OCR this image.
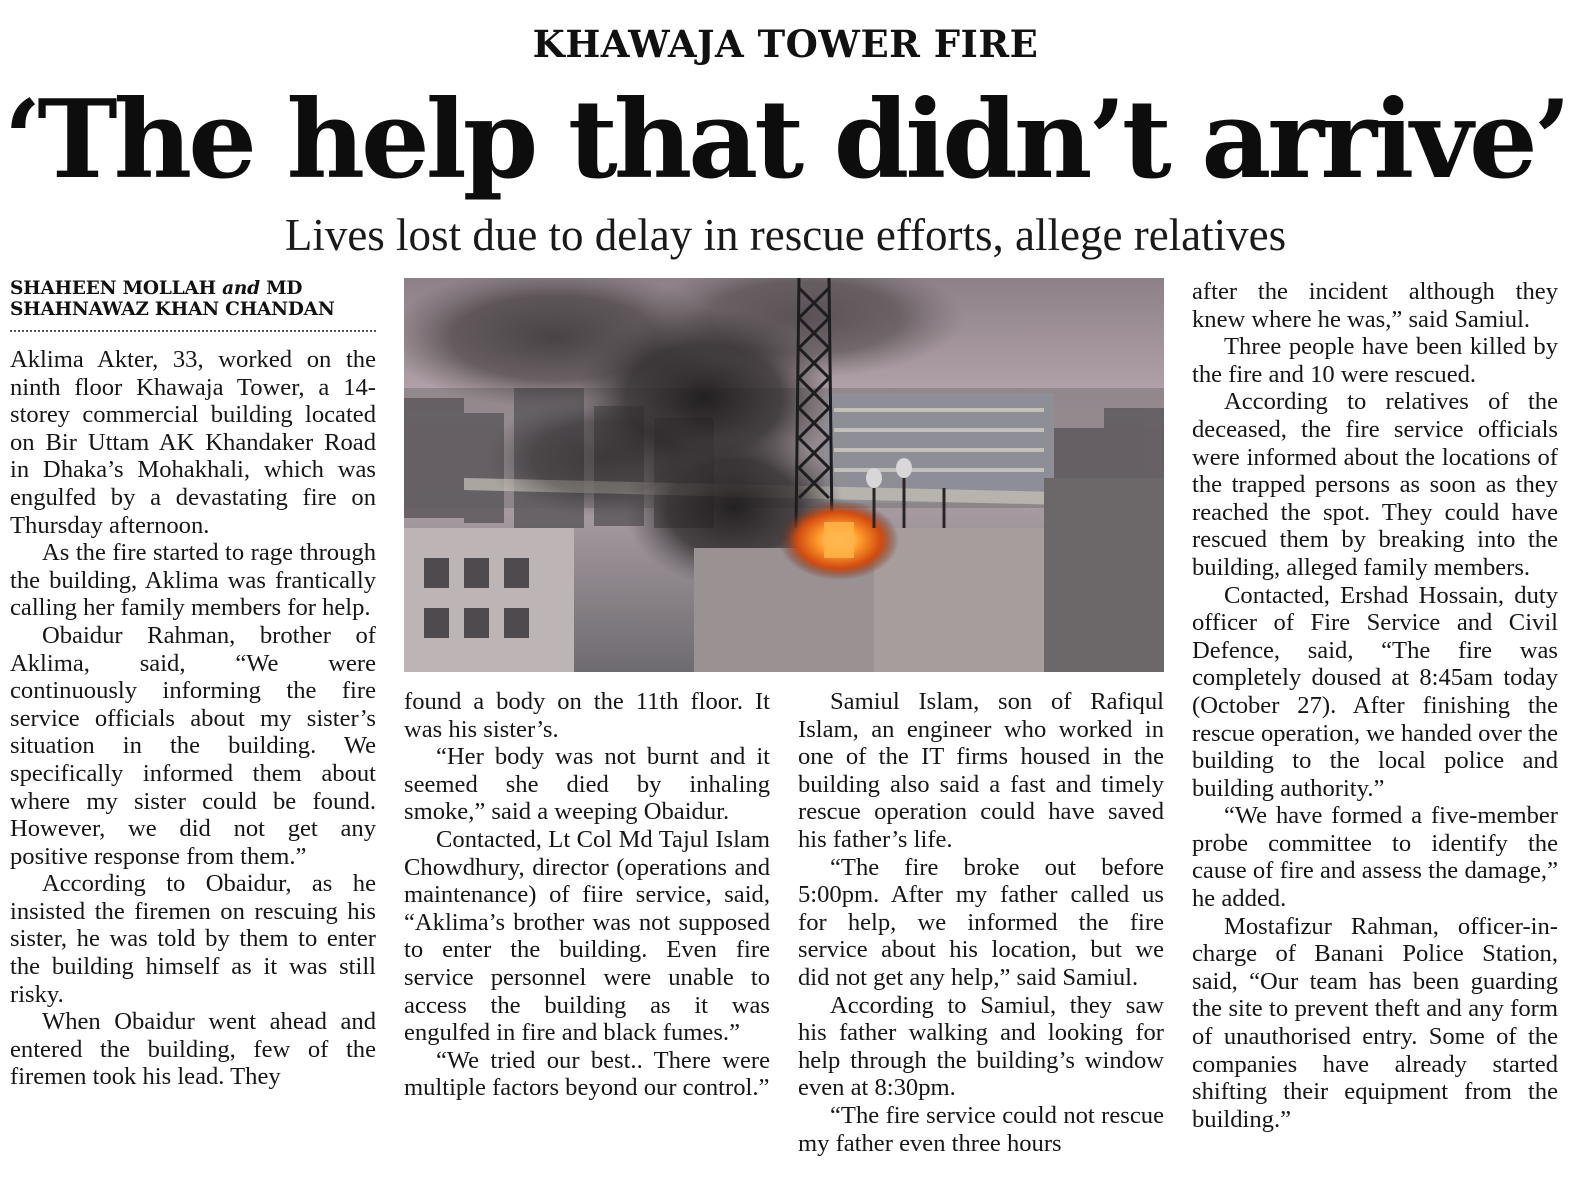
KHAWAJA TOWER FIRE
‘The help that didn’t arrive’
Lives lost due to delay in rescue efforts, allege relatives
SHAHEEN MOLLAH and MD SHAHNAWAZ KHAN CHANDAN

Aklima Akter, 33, worked on the ninth floor Khawaja Tower, a 14-storey commercial building located on Bir Uttam AK Khandaker Road in Dhaka’s Mohakhali, which was engulfed by a devastating fire on Thursday afternoon.

As the fire started to rage through the building, Aklima was frantically calling her family members for help.

Obaidur Rahman, brother of Aklima, said, “We were continuously informing the fire service officials about my sister’s situation in the building. We specifically informed them about where my sister could be found. However, we did not get any positive response from them.”

According to Obaidur, as he insisted the firemen on rescuing his sister, he was told by them to enter the building himself as it was still risky.

When Obaidur went ahead and entered the building, few of the firemen took his lead. They

found a body on the 11th floor. It was his sister’s.

“Her body was not burnt and it seemed she died by inhaling smoke,” said a weeping Obaidur.

Contacted, Lt Col Md Tajul Islam Chowdhury, director (operations and maintenance) of fiire service, said, “Aklima’s brother was not supposed to enter the building. Even fire service personnel were unable to access the building as it was engulfed in fire and black fumes.”

“We tried our best.. There were multiple factors beyond our control.”

Samiul Islam, son of Rafiqul Islam, an engineer who worked in one of the IT firms housed in the building also said a fast and timely rescue operation could have saved his father’s life.

“The fire broke out before 5:00pm. After my father called us for help, we informed the fire service about his location, but we did not get any help,” said Samiul.

According to Samiul, they saw his father walking and looking for help through the building’s window even at 8:30pm.

“The fire service could not rescue my father even three hours

after the incident although they knew where he was,” said Samiul.

Three people have been killed by the fire and 10 were rescued.

According to relatives of the deceased, the fire service officials were informed about the locations of the trapped persons as soon as they reached the spot. They could have rescued them by breaking into the building, alleged family members.

Contacted, Ershad Hossain, duty officer of Fire Service and Civil Defence, said, “The fire was completely doused at 8:45am today (October 27). After finishing the rescue operation, we handed over the building to the local police and building authority.”

“We have formed a five-member probe committee to identify the cause of fire and assess the damage,” he added.

Mostafizur Rahman, officer-in-charge of Banani Police Station, said, “Our team has been guarding the site to prevent theft and any form of unauthorised entry. Some of the companies have already started shifting their equipment from the building.”
